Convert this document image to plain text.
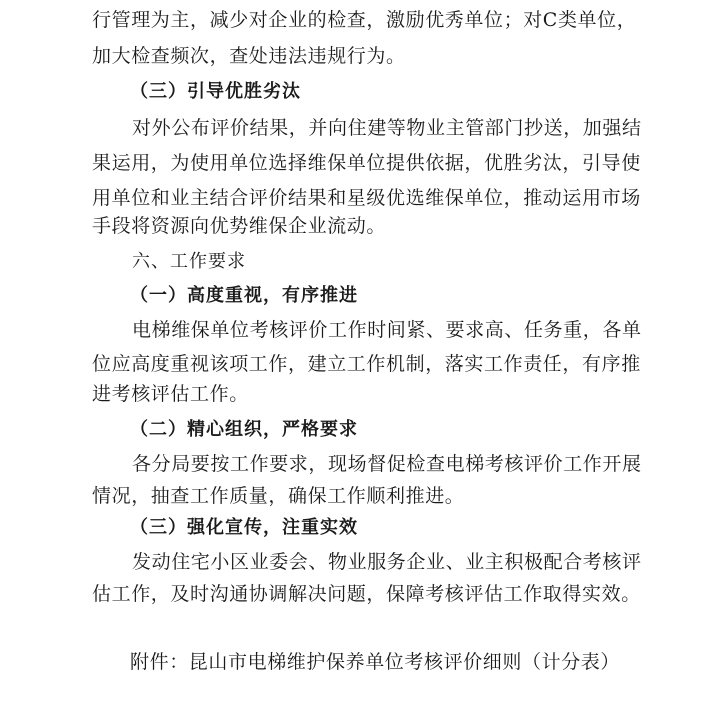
行管理为主，减少对企业的检查，激励优秀单位；对C类单位，
加大检查频次，查处违法违规行为。
（三）引导优胜劣汰
对外公布评价结果，并向住建等物业主管部门抄送，加强结
果运用，为使用单位选择维保单位提供依据，优胜劣汰，引导使
用单位和业主结合评价结果和星级优选维保单位，推动运用市场
手段将资源向优势维保企业流动。
六、工作要求
（一）高度重视，有序推进
电梯维保单位考核评价工作时间紧、要求高、任务重，各单
位应高度重视该项工作，建立工作机制，落实工作责任，有序推
进考核评估工作。
（二）精心组织，严格要求
各分局要按工作要求，现场督促检查电梯考核评价工作开展
情况，抽查工作质量，确保工作顺利推进。
（三）强化宣传，注重实效
发动住宅小区业委会、物业服务企业、业主积极配合考核评
估工作，及时沟通协调解决问题，保障考核评估工作取得实效。
附件：昆山市电梯维护保养单位考核评价细则（计分表）
